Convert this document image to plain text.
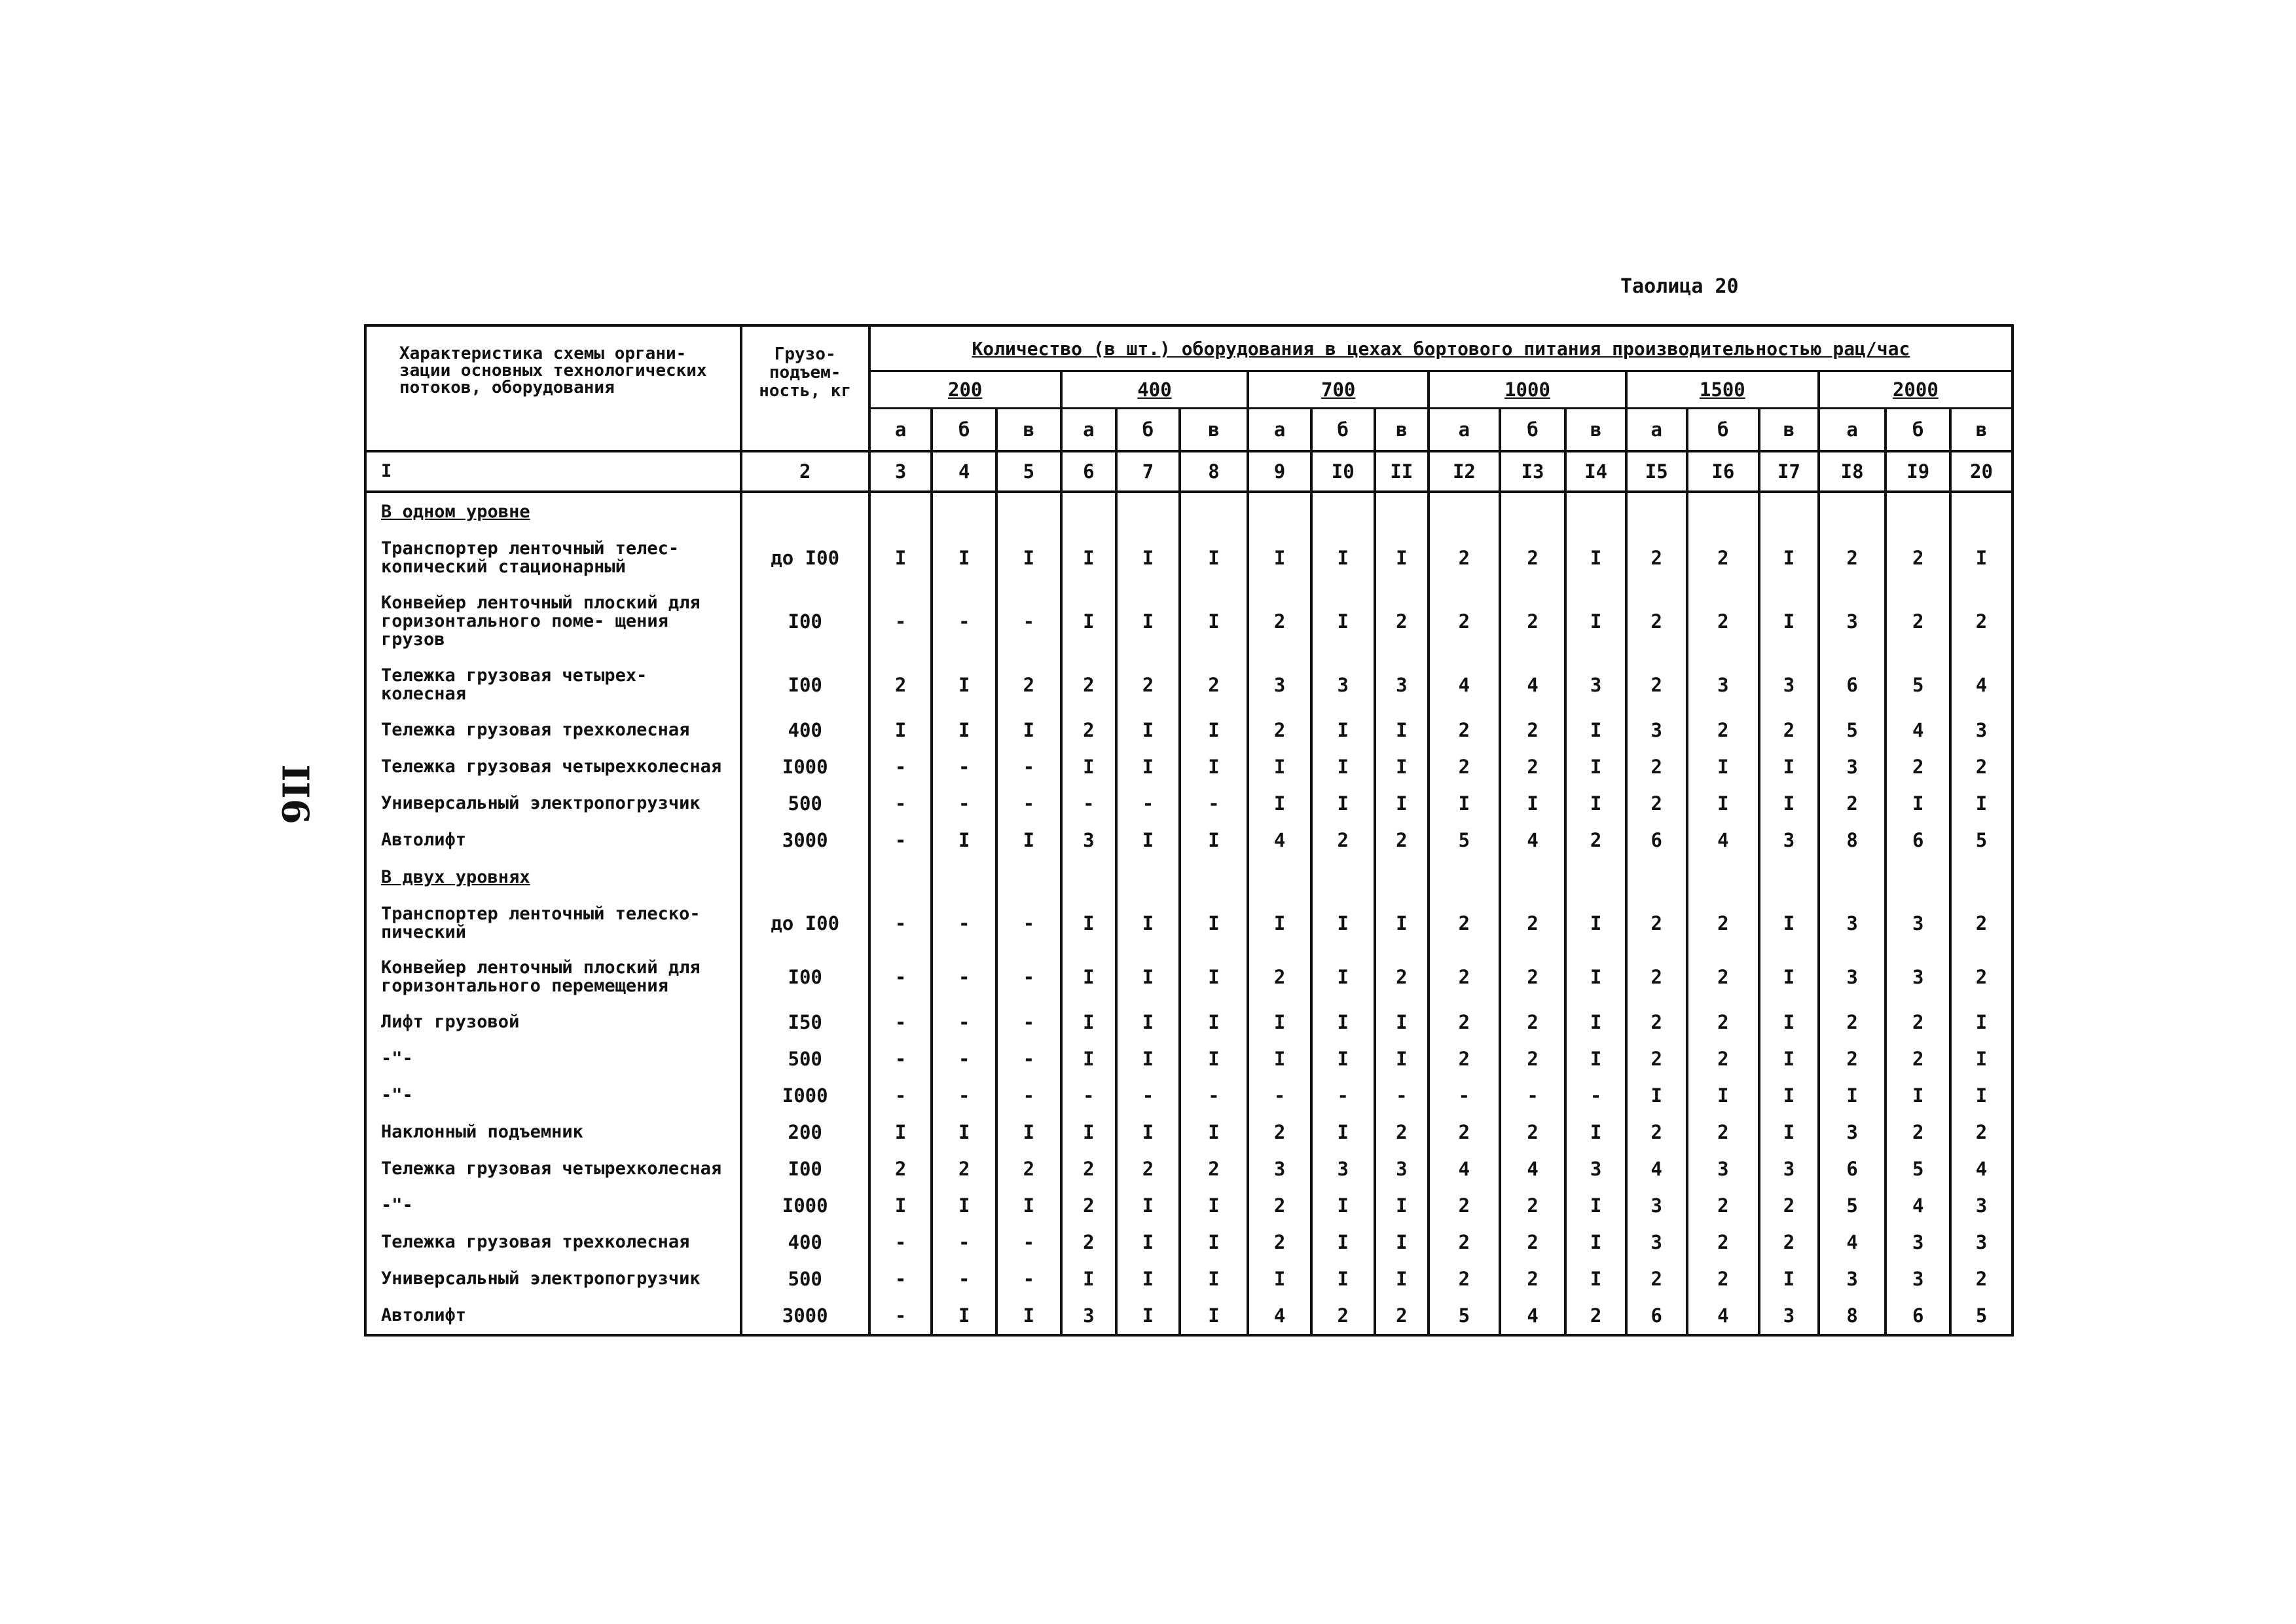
II6
Таолица 20
Характеристика схемы органи- зации основных технологических потоков, оборудования	Грузо- подъем- ность, кг	Количество (в шт.) оборудования в цехах бортового питания производительностью рац/час																	
		200			400			700			1000			1500			2000		
		а	б	в	а	б	в	а	б	в	а	б	в	а	б	в	а	б	в
I	2	3	4	5	6	7	8	9	I0	II	I2	I3	I4	I5	I6	I7	I8	I9	20
В одном уровне																			
Транспортер ленточный телес- копический стационарный	до I00	I	I	I	I	I	I	I	I	I	2	2	I	2	2	I	2	2	I
Конвейер ленточный плоский для горизонтального поме- щения грузов	I00	-	-	-	I	I	I	2	I	2	2	2	I	2	2	I	3	2	2
Тележка грузовая четырех- колесная	I00	2	I	2	2	2	2	3	3	3	4	4	3	2	3	3	6	5	4
Тележка грузовая трехколесная	400	I	I	I	2	I	I	2	I	I	2	2	I	3	2	2	5	4	3
Тележка грузовая четырехколесная	I000	-	-	-	I	I	I	I	I	I	2	2	I	2	I	I	3	2	2
Универсальный электропогрузчик	500	-	-	-	-	-	-	I	I	I	I	I	I	2	I	I	2	I	I
Автолифт	3000	-	I	I	3	I	I	4	2	2	5	4	2	6	4	3	8	6	5
В двух уровнях																			
Транспортер ленточный телеско- пический	до I00	-	-	-	I	I	I	I	I	I	2	2	I	2	2	I	3	3	2
Конвейер ленточный плоский для горизонтального перемещения	I00	-	-	-	I	I	I	2	I	2	2	2	I	2	2	I	3	3	2
Лифт грузовой	I50	-	-	-	I	I	I	I	I	I	2	2	I	2	2	I	2	2	I
-"-	500	-	-	-	I	I	I	I	I	I	2	2	I	2	2	I	2	2	I
-"-	I000	-	-	-	-	-	-	-	-	-	-	-	-	I	I	I	I	I	I
Наклонный подъемник	200	I	I	I	I	I	I	2	I	2	2	2	I	2	2	I	3	2	2
Тележка грузовая четырехколесная	I00	2	2	2	2	2	2	3	3	3	4	4	3	4	3	3	6	5	4
-"-	I000	I	I	I	2	I	I	2	I	I	2	2	I	3	2	2	5	4	3
Тележка грузовая трехколесная	400	-	-	-	2	I	I	2	I	I	2	2	I	3	2	2	4	3	3
Универсальный электропогрузчик	500	-	-	-	I	I	I	I	I	I	2	2	I	2	2	I	3	3	2
Автолифт	3000	-	I	I	3	I	I	4	2	2	5	4	2	6	4	3	8	6	5
